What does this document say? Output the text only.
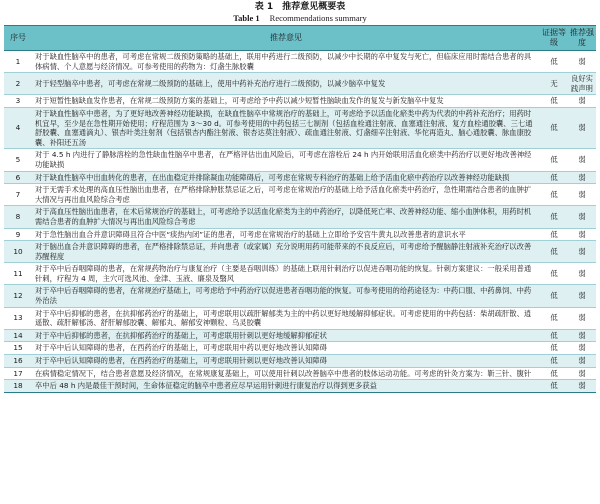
表 1　推荐意见概要表
Table 1 Recommendations summary
序号	推荐意见	证据等级	推荐强度
1	对于缺血性脑卒中的患者，可考虑在常规二级预防策略的基础上，联用中药进行二级预防，以减少中长期的卒中复发与死亡，但临床应用时需结合患者的具体病情、个人意愿与经济情况。可参考使用的药物为：灯盏生脉胶囊	低	弱
2	对于轻型脑卒中患者，可考虑在常规二级预防的基础上，使用中药补充治疗进行二级预防，以减少脑卒中复发	无	良好实践声明
3	对于短暂性脑缺血发作患者，在常规二级预防方案的基础上，可考虑给予中药以减少短暂性脑缺血发作的复发与新发脑卒中复发	低	弱
4	对于缺血性脑卒中患者，为了更好地改善神经功能缺损，在缺血性脑卒中常规治疗的基础上，可考虑给予以活血化瘀类中药为代表的中药补充治疗；用药时机宜早，至少是在急性期开始使用；疗程范围为 3～30 d。可参考使用的中药包括三七制剂（包括血栓通注射液、血塞通注射液、复方血栓通胶囊、三七通舒胶囊、血塞通滴丸）、银杏叶类注射剂（包括银杏内酯注射液、银杏达莫注射液）、疏血通注射液、灯盏细辛注射液、华佗再造丸、脑心通胶囊、脉血康胶囊、补阳还五汤	低	弱
5	对于 4.5 h 内进行了静脉溶栓的急性缺血性脑卒中患者，在严格评估出血风险后，可考虑在溶栓后 24 h 内开始联用活血化瘀类中药治疗以更好地改善神经功能缺损	低	弱
6	对于缺血性脑卒中出血转化的患者，在出血稳定并排除凝血功能障碍后，可考虑在常规专科治疗的基础上给予活血化瘀中药治疗以改善神经功能缺损	低	弱
7	对于无需手术处理的高血压性脑出血患者，在严格排除肿胀禁忌证之后，可考虑在常规治疗的基础上给予活血化瘀类中药治疗，急性期需结合患者的血肿扩大情况与再出血风险综合考虑	低	弱
8	对于高血压性脑出血患者，在术后常规治疗的基础上，可考虑给予以活血化瘀类为主的中药治疗，以降低死亡率、改善神经功能、缩小血肿体积，用药时机需结合患者的血肿扩大情况与再出血风险综合考虑	低	弱
9	对于急性脑出血合并意识障碍且符合中医“痰热内闭”证的患者，可考虑在常规治疗的基础上立即给予安宫牛黄丸以改善患者的意识水平	低	弱
10	对于脑出血合并意识障碍的患者，在严格排除禁忌证，并向患者（或家属）充分说明用药可能带来的不良反应后，可考虑给予醒脑静注射液补充治疗以改善苏醒程度	低	弱
11	对于卒中后吞咽障碍的患者，在常规药物治疗与康复治疗（主要是吞咽训练）的基础上联用针刺治疗以促进吞咽功能的恢复。针刺方案建议：一般采用普通针刺，疗程为 4 周，主穴可选风池、金津、玉液、廉泉及翳风	低	弱
12	对于卒中后吞咽障碍的患者，在常规治疗基础上，可考虑给予中药治疗以促进患者吞咽功能的恢复。可参考使用的给药途径为：中药口服、中药鼻饲、中药外治法	低	弱
13	对于卒中后抑郁的患者，在抗抑郁药治疗的基础上，可考虑联用以疏肝解郁类为主的中药以更好地缓解抑郁症状。可考虑使用的中药包括：柴胡疏肝散、逍遥散、疏肝解郁汤、舒肝解郁胶囊、解郁丸、解郁安神颗粒、乌灵胶囊	低	弱
14	对于卒中后抑郁的患者，在抗抑郁药治疗的基础上，可考虑联用针刺以更好地缓解抑郁症状	低	弱
15	对于卒中后认知障碍的患者，在西药治疗的基础上，可考虑联用中药以更好地改善认知障碍	低	弱
16	对于卒中后认知障碍的患者，在西药治疗的基础上，可考虑联用针刺以更好地改善认知障碍	低	弱
17	在病情稳定情况下，结合患者意愿及经济情况，在常规康复基础上，可以使用针刺以改善脑卒中患者的肢体运动功能。可考虑的针灸方案为：靳三针、腹针	低	弱
18	卒中后 48 h 内是最佳干预时间，生命体征稳定的脑卒中患者应尽早运用针刺进行康复治疗以得到更多获益	低	弱
